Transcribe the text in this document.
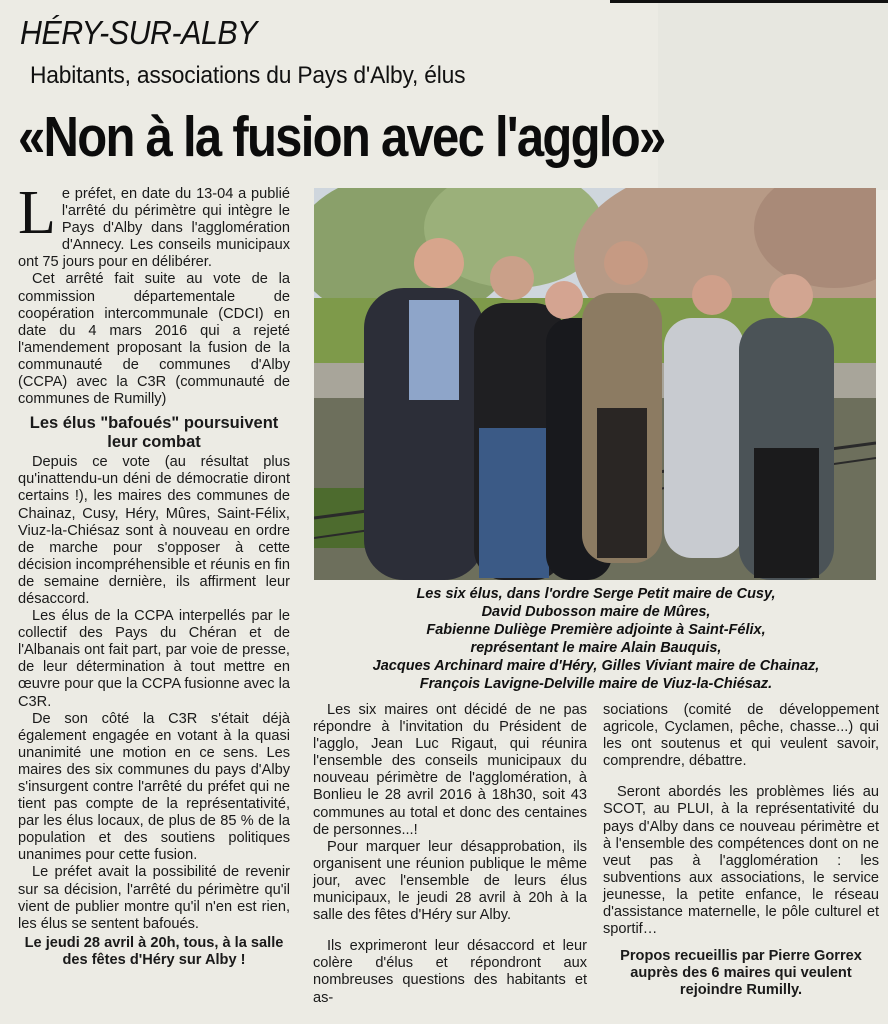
HÉRY-SUR-ALBY
Habitants, associations du Pays d'Alby, élus
«Non à la fusion avec l'agglo»

Le préfet, en date du 13-04 a publié l'arrêté du périmètre qui intègre le Pays d'Alby dans l'agglomération d'Annecy. Les conseils municipaux ont 75 jours pour en délibérer.

Cet arrêté fait suite au vote de la commission départementale de coopération intercommunale (CDCI) en date du 4 mars 2016 qui a rejeté l'amendement proposant la fusion de la communauté de communes d'Alby (CCPA) avec la C3R (communauté de communes de Rumilly)

Les élus "bafoués" poursuivent leur combat

Depuis ce vote (au résultat plus qu'inattendu-un déni de démocratie diront certains !), les maires des communes de Chainaz, Cusy, Héry, Mûres, Saint-Félix, Viuz-la-Chiésaz sont à nouveau en ordre de marche pour s'opposer à cette décision incompréhensible et réunis en fin de semaine dernière, ils affirment leur désaccord.

Les élus de la CCPA interpellés par le collectif des Pays du Chéran et de l'Albanais ont fait part, par voie de presse, de leur détermination à tout mettre en œuvre pour que la CCPA fusionne avec la C3R.

De son côté la C3R s'était déjà également engagée en votant à la quasi unanimité une motion en ce sens. Les maires des six communes du pays d'Alby s'insurgent contre l'arrêté du préfet qui ne tient pas compte de la représentativité, par les élus locaux, de plus de 85 % de la population et des soutiens politiques unanimes pour cette fusion.

Le préfet avait la possibilité de revenir sur sa décision, l'arrêté du périmètre qu'il vient de publier montre qu'il n'en est rien, les élus se sentent bafoués.

Le jeudi 28 avril à 20h, tous, à la salle des fêtes d'Héry sur Alby !

Les six élus, dans l'ordre Serge Petit maire de Cusy,
David Dubosson maire de Mûres,
Fabienne Duliège Première adjointe à Saint-Félix,
représentant le maire Alain Bauquis,
Jacques Archinard maire d'Héry, Gilles Viviant maire de Chainaz,
François Lavigne-Delville maire de Viuz-la-Chiésaz.

Les six maires ont décidé de ne pas répondre à l'invitation du Président de l'agglo, Jean Luc Rigaut, qui réunira l'ensemble des conseils municipaux du nouveau périmètre de l'agglomération, à Bonlieu le 28 avril 2016 à 18h30, soit 43 communes au total et donc des centaines de personnes...!

Pour marquer leur désapprobation, ils organisent une réunion publique le même jour, avec l'ensemble de leurs élus municipaux, le jeudi 28 avril à 20h à la salle des fêtes d'Héry sur Alby.

Ils exprimeront leur désaccord et leur colère d'élus et répondront aux nombreuses questions des habitants et as-

sociations (comité de développement agricole, Cyclamen, pêche, chasse...) qui les ont soutenus et qui veulent savoir, comprendre, débattre.

Seront abordés les problèmes liés au SCOT, au PLUI, à la représentativité du pays d'Alby dans ce nouveau périmètre et à l'ensemble des compétences dont on ne veut pas à l'agglomération : les subventions aux associations, le service jeunesse, la petite enfance, le réseau d'assistance maternelle, le pôle culturel et sportif…

Propos recueillis par Pierre Gorrex auprès des 6 maires qui veulent rejoindre Rumilly.
